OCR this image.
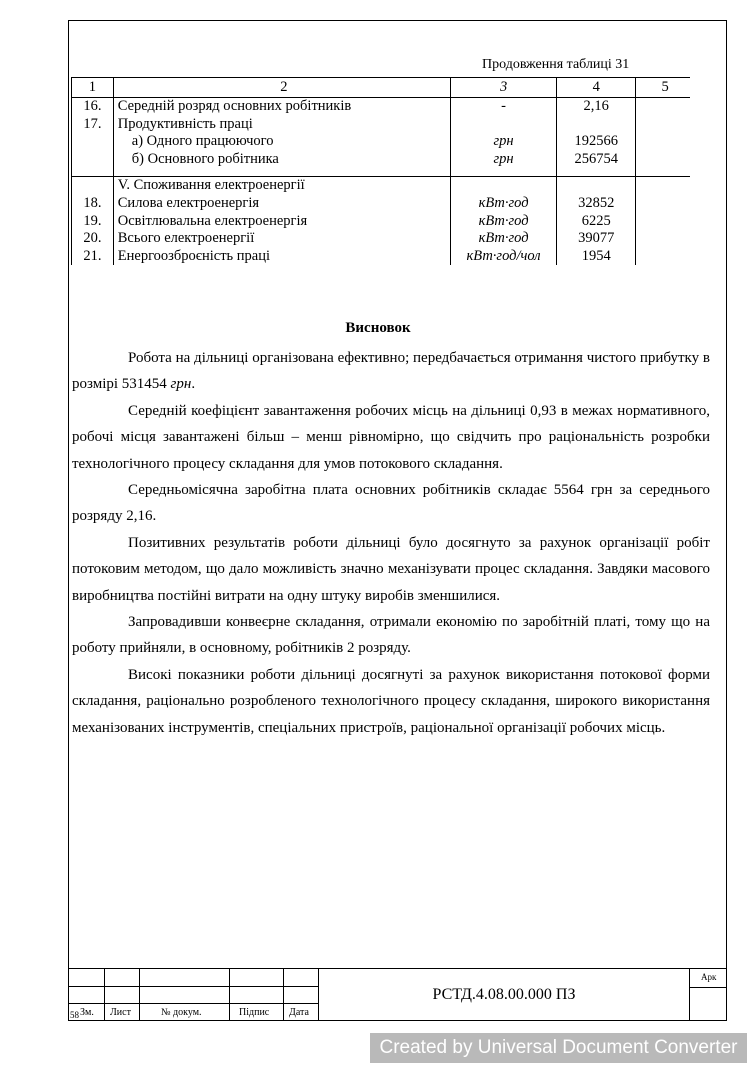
Продовження таблиці 31
1	2	3	4	5
16.	Середній розряд основних робітників	-	2,16	
17.	Продуктивність праці			
	а) Одного працюючого	грн	192566	
	б) Основного робітника	грн	256754	

	V. Споживання електроенергії			
18.	Силова електроенергія	кВт·год	32852	
19.	Освітлювальна електроенергія	кВт·год	6225	
20.	Всього електроенергії	кВт·год	39077	
21.	Енергоозброєність праці	кВт·год/чол	1954	
Висновок

Робота на дільниці організована ефективно; передбачається отримання чистого прибутку в розмірі 531454 грн.

Середній коефіцієнт завантаження робочих місць на дільниці 0,93 в межах нормативного, робочі місця завантажені більш – менш рівномірно, що свідчить про раціональність розробки технологічного процесу складання для умов потокового складання.

Середньомісячна заробітна плата основних робітників складає 5564 грн за середнього розряду 2,16.

Позитивних результатів роботи дільниці було досягнуто за рахунок організації робіт потоковим методом, що дало можливість значно механізувати процес складання. Завдяки масового виробництва постійні витрати на одну штуку виробів зменшилися.

Запровадивши конвеєрне складання, отримали економію по заробітній платі, тому що на роботу прийняли, в основному, робітників 2 розряду.

Високі показники роботи дільниці досягнуті за рахунок використання потокової форми складання, раціонально розробленого технологічного процесу складання, широкого використання механізованих інструментів, спеціальних пристроїв, раціональної організації робочих місць.

Зм. Лист	№ докум.	Підпис Дата
РСТД.4.08.00.000 ПЗ
Арк
58
Created by Universal Document Converter
